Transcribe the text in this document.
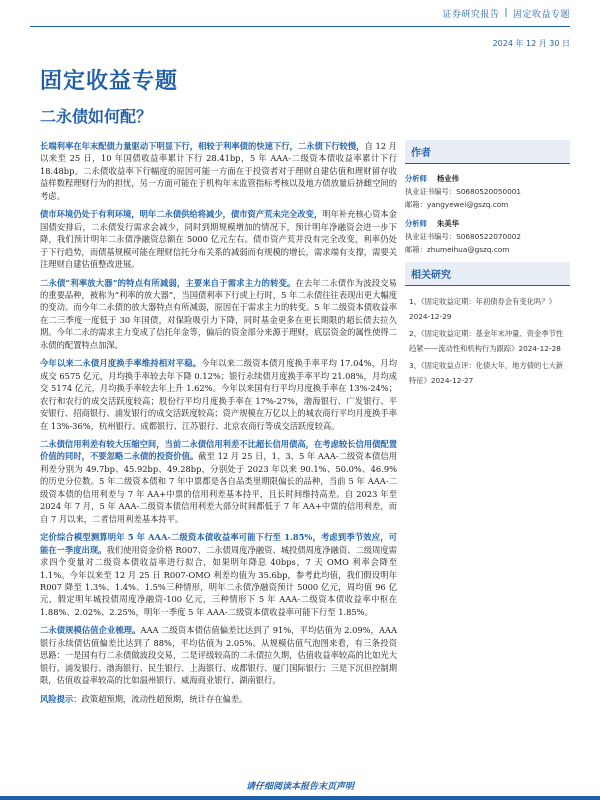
证券研究报告 | 固定收益专题
2024 年 12 月 30 日
固定收益专题
二永债如何配？

长端利率在年末配债力量驱动下明显下行，相较于利率债的快速下行，二永债下行较慢，自 12 月以来至 25 日，10 年国债收益率累计下行 28.41bp，5 年 AAA-二级资本债收益率累计下行 18.48bp。二永债收益率下行幅度的原因可能一方面在于投资者对于理财自建估值和理财留存收益样数程理财行为的担忧，另一方面可能在于机构年末监管指标考核以及地方债放量后挤雌空间的考虑。

债市环境仍处于有利环境，明年二永债供给将减少，债市资产荒未完全改变，明年补充核心资本金国债安排后，二永债发行需求会减少，同时到期规模增加的情况下，预计明年净融资会进一步下降，我们预计明年二永债净融资总额在 5000 亿元左右。债市资产荒并没有完全改变，利率仍处于下行趋势，而债基规模可能在理财信托分布关系的减弱而有规模的增长，需求端有支撑，需要关注理财自建估值整改进展。

二永债“利率放大器”的特点有所减弱，主要来自于需求主力的转变。在去年二永债作为波段交易的重要品种，被称为“利率的放大器”，当国债利率下行或上行时，5 年二永债往往表现出更大幅度的变动。而今年二永债的放大器特点有所减弱，原因在于需求主力的转变。5 年二级资本债收益率在二三季度一度低于 30 年国债，对保险吸引力下降，同时基金更多在更长期限的超长债去拉久期。今年二永的需求主力变成了信托年金等，偏后的资金部分来源于理财，底层资金的属性使得二永债的配置特点加深。

今年以来二永债月度换手率维持相对平稳。今年以来二级资本债月度换手率平均 17.04%，月均成交 6575 亿元，月均换手率较去年下降 0.12%；银行永续债月度换手率平均 21.08%，月均成交 5174 亿元，月均换手率较去年上升 1.62%。今年以来国有行平均月度换手率在 13%-24%；农行和农行的成交活跃度较高；股份行平均月度换手率在 17%-27%，渤海银行、广发银行、平安银行、招商银行、浦发银行的成交活跃度较高；资产规模在万亿以上的城农商行平均月度换手率在 13%-36%，杭州银行、成都银行、江苏银行、北京农商行等成交活跃度较高。

二永债信用利差有较大压缩空间，当前二永债信用利差不比超长信用债高，在考虑较长信用债配置价值的同时，不要忽略二永债的投资价值。截至 12 月 25 日，1、3、5 年 AAA-二级资本债信用利差分别为 49.7bp、45.92bp、49.28bp，分别处于 2023 年以来 90.1%、50.0%、46.9%的历史分位数。5 年二级资本债和 7 年中票都是各自品类里期限偏长的品种，当前 5 年 AAA-二级资本债的信用利差与 7 年 AA+中票的信用利差基本持平，且长时间维持高差。自 2023 年至 2024 年 7 月，5 年 AAA-二级资本债信用利差大部分时间都低于 7 年 AA+中票的信用利差，而自 7 月以来，二者信用利差基本持平。

定价综合模型测算明年 5 年 AAA-二级资本债收益率可能下行至 1.85%，考虑到季节效应，可能在一季度出现。我们使用资金价格 R007、二永债周度净融资、城投债周度净融资、二级周度需求四个变量对二级资本债收益率进行拟合，如果明年降息 40bps，7 天 OMO 利率会降至 1.1%。今年以来至 12 月 25 日 R007-OMO 利差均值为 35.6bp，参考此均值，我们假设明年 R007 降至 1.3%、1.4%、1.5%三种情形，明年二永债净融资预计 5000 亿元，周均值 96 亿元，假定明年城投债周度净融资-100 亿元，三种情形下 5 年 AAA-二级资本债收益率中枢在 1.88%、2.02%、2.25%，明年一季度 5 年 AAA-二级资本债收益率可能下行至 1.85%。

二永债规模估值企业梳理。AAA 二级资本债估值偏差比达到了 91%，平均估值为 2.09%，AAA 银行永续债估值偏差比达到了 88%，平均估值为 2.05%。从规模估值气泡图来看，有三条投资思路：一是国有行二永债做波段交易，二是评级较高的二永债拉久期，估值收益率较高的比如光大银行、浦发银行、渤海银行、民生银行、上海银行、成都银行、厦门国际银行；三是下沉但控制期限，估值收益率较高的比如温州银行、威海商业银行、湖南银行。

风险提示：政策超预期，流动性超预期，统计存在偏差。

作者
分析师	杨业伟
执业证书编号：S0680520050001
邮箱：yangyewei@gszq.com
分析师	朱美华
执业证书编号：S0680522070002
邮箱：zhumeihua@gszq.com
相关研究
1、《固定收益定期：年初债券会有变化吗？》2024-12-29
2、《固定收益定期：基金年末冲量、资金季节性趋紧——流动性和机构行为跟踪》2024-12-28
3、《固定收益点评：化债大年，地方债的七大新特征》2024-12-27
请仔细阅读本报告末页声明
